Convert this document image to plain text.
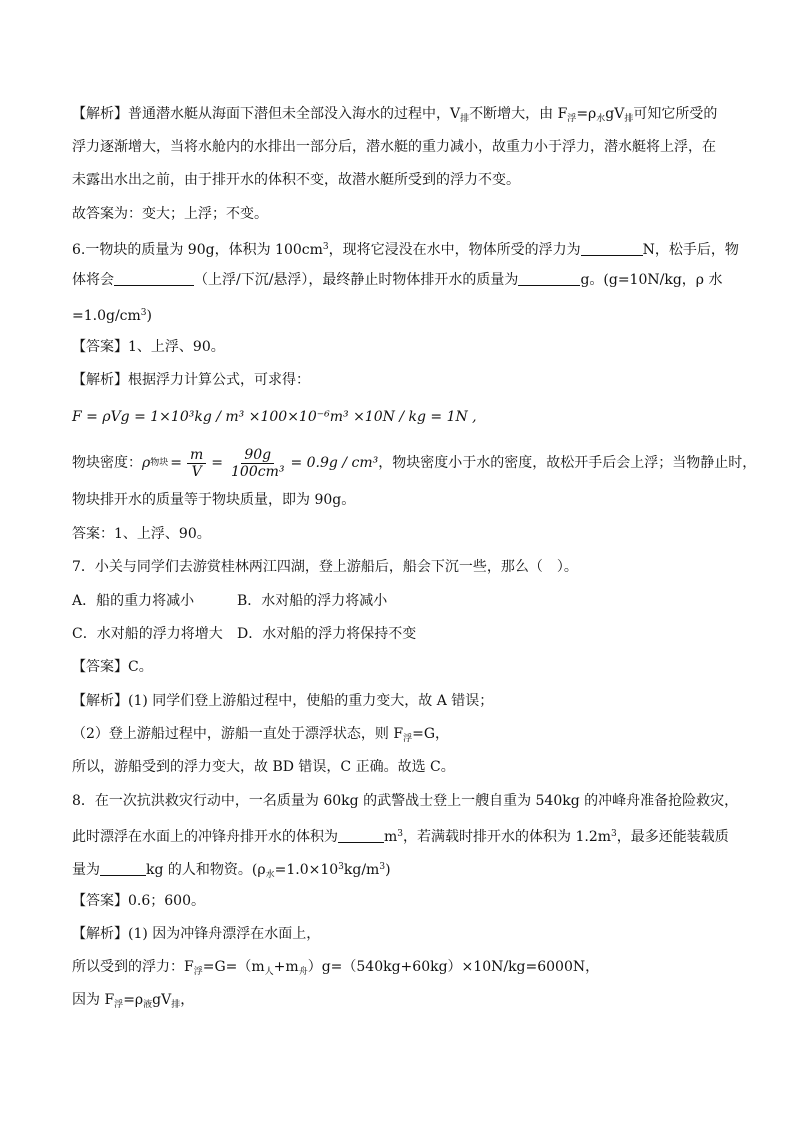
【解析】普通潜水艇从海面下潜但未全部没入海水的过程中，$V_排$不断增大，由 $F_浮=\rho_水gV_排$可知它所受的
浮力逐渐增大，当将水舱内的水排出一部分后，潜水艇的重力减小，故重力小于浮力，潜水艇将上浮，在
未露出水出之前，由于排开水的体积不变，故潜水艇所受到的浮力不变。
故答案为：变大；上浮；不变。
6.一物块的质量为 90g，体积为 $100cm^3$，现将它浸没在水中，物体所受的浮力为	N，松手后，物
体将会	（上浮/下沉/悬浮），最终静止时物体排开水的质量为	g。(g=10N/kg，ρ 水
$=1.0g/cm^3$)
【答案】1、上浮、90。
【解析】根据浮力计算公式，可求得：
F = ρVg = 1×10³kg / m³ ×100×10⁻⁶m³ ×10N / kg = 1N ,
物块密度： ρ 物块 = $\frac{m}{V} = \frac{90g}{\text{100cm³}} = 0.9g / cm^3$ ，物块密度小于水的密度，故松开手后会上浮；当物静止时，
物块排开水的质量等于物块质量，即为 90g。
答案：1、上浮、90。
7．小关与同学们去游赏桂林两江四湖，登上游船后，船会下沉一些，那么（　）。
A．船的重力将减小	B．水对船的浮力将减小
C．水对船的浮力将增大 D．水对船的浮力将保持不变
【答案】C。
【解析】(1) 同学们登上游船过程中，使船的重力变大，故 A 错误；
（2）登上游船过程中，游船一直处于漂浮状态，则 $F_浮=G$，
所以，游船受到的浮力变大，故 BD 错误，C 正确。故选 C。
8．在一次抗洪救灾行动中，一名质量为 60kg 的武警战士登上一艘自重为 540kg 的冲峰舟准备抢险救灾，
此时漂浮在水面上的冲锋舟排开水的体积为	$m^3$，若满载时排开水的体积为 $1.2m^3$，最多还能装载质
量为	kg 的人和物资。$(\rho_水=1.0\times 10^3kg/m^3)$
【答案】0.6；600。
【解析】(1) 因为冲锋舟漂浮在水面上，
所以受到的浮力：$F_浮=G=(m_人+m_舟)g=(540kg+60kg)\times 10N/kg=6000N$，
因为 $F_浮=\rho_液gV_排$，
